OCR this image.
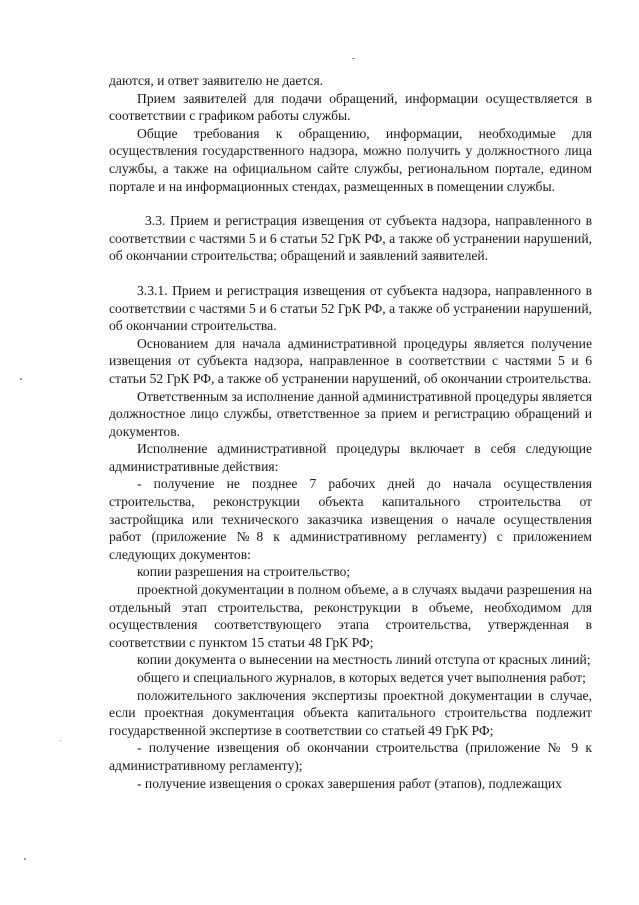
даются, и ответ заявителю не дается.

Прием заявителей для подачи обращений, информации осуществляется в соответствии с графиком работы службы.

Общие требования к обращению, информации, необходимые для осуществления государственного надзора, можно получить у должностного лица службы, а также на официальном сайте службы, региональном портале, едином портале и на информационных стендах, размещенных в помещении службы.

3.3. Прием и регистрация извещения от субъекта надзора, направленного в соответствии с частями 5 и 6 статьи 52 ГрК РФ, а также об устранении нарушений, об окончании строительства; обращений и заявлений заявителей.

3.3.1. Прием и регистрация извещения от субъекта надзора, направленного в соответствии с частями 5 и 6 статьи 52 ГрК РФ, а также об устранении нарушений, об окончании строительства.

Основанием для начала административной процедуры является получение извещения от субъекта надзора, направленное в соответствии с частями 5 и 6 статьи 52 ГрК РФ, а также об устранении нарушений, об окончании строительства.

Ответственным за исполнение данной административной процедуры является должностное лицо службы, ответственное за прием и регистрацию обращений и документов.

Исполнение административной процедуры включает в себя следующие административные действия:

- получение не позднее 7 рабочих дней до начала осуществления строительства, реконструкции объекта капитального строительства от застройщика или технического заказчика извещения о начале осуществления работ (приложение №8 к административному регламенту) с приложением следующих документов:

копии разрешения на строительство;

проектной документации в полном объеме, а в случаях выдачи разрешения на отдельный этап строительства, реконструкции в объеме, необходимом для осуществления соответствующего этапа строительства, утвержденная в соответствии с пунктом 15 статьи 48 ГрК РФ;

копии документа о вынесении на местность линий отступа от красных линий;

общего и специального журналов, в которых ведется учет выполнения работ;

положительного заключения экспертизы проектной документации в случае, если проектная документация объекта капитального строительства подлежит государственной экспертизе в соответствии со статьей 49 ГрК РФ;

- получение извещения об окончании строительства (приложение № 9 к административному регламенту);

- получение извещения о сроках завершения работ (этапов), подлежащих
